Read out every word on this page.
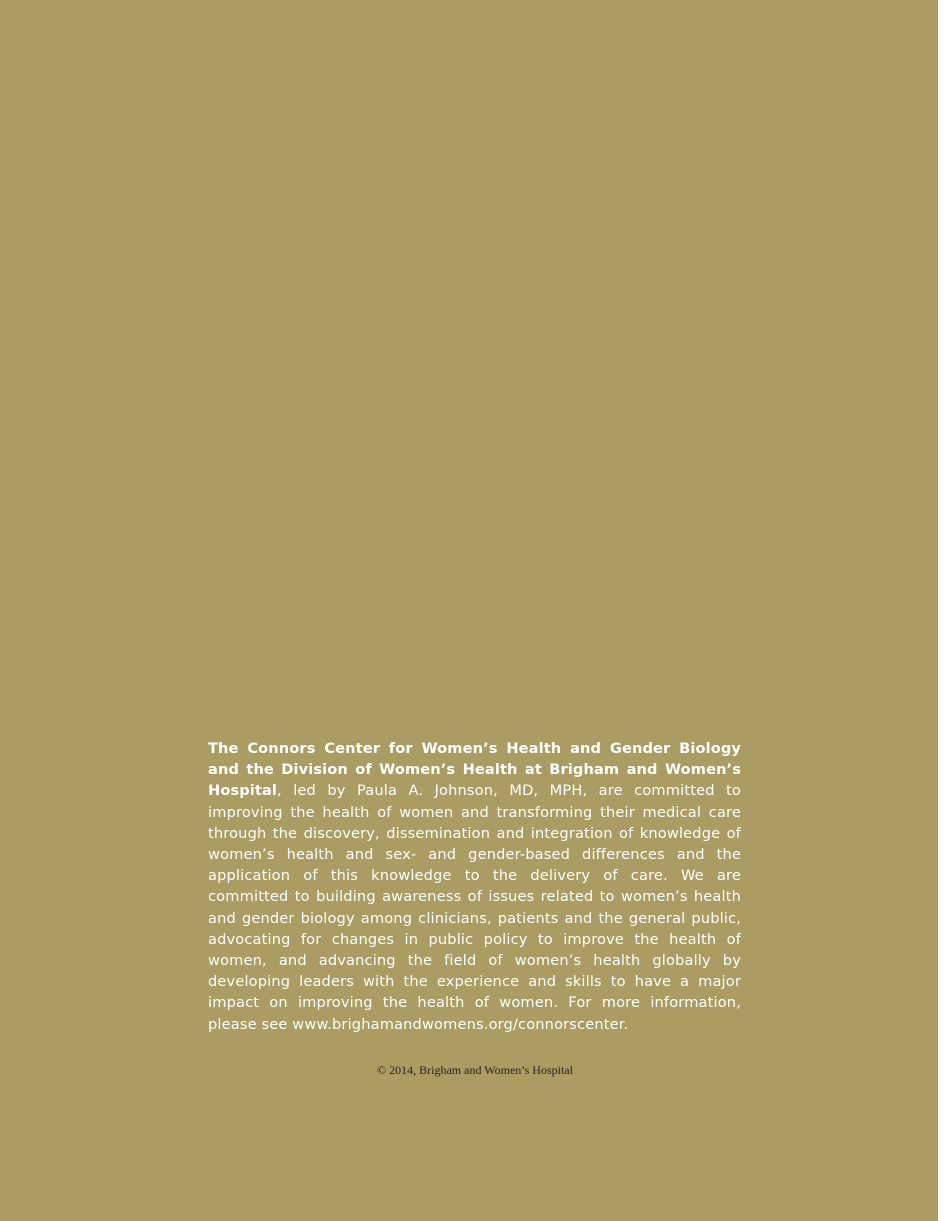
The Connors Center for Women’s Health and Gender Biology and the Division of Women’s Health at Brigham and Women’s Hospital, led by Paula A. Johnson, MD, MPH, are committed to improving the health of women and transforming their medical care through the discovery, dissemination and integration of knowledge of women’s health and sex- and gender-based differences and the application of this knowledge to the delivery of care. We are committed to building awareness of issues related to women’s health and gender biology among clinicians, patients and the general public, advocating for changes in public policy to improve the health of women, and advancing the field of women’s health globally by developing leaders with the experience and skills to have a major impact on improving the health of women. For more information, please see www.brighamandwomens.org/connorscenter.

© 2014, Brigham and Women’s Hospital
